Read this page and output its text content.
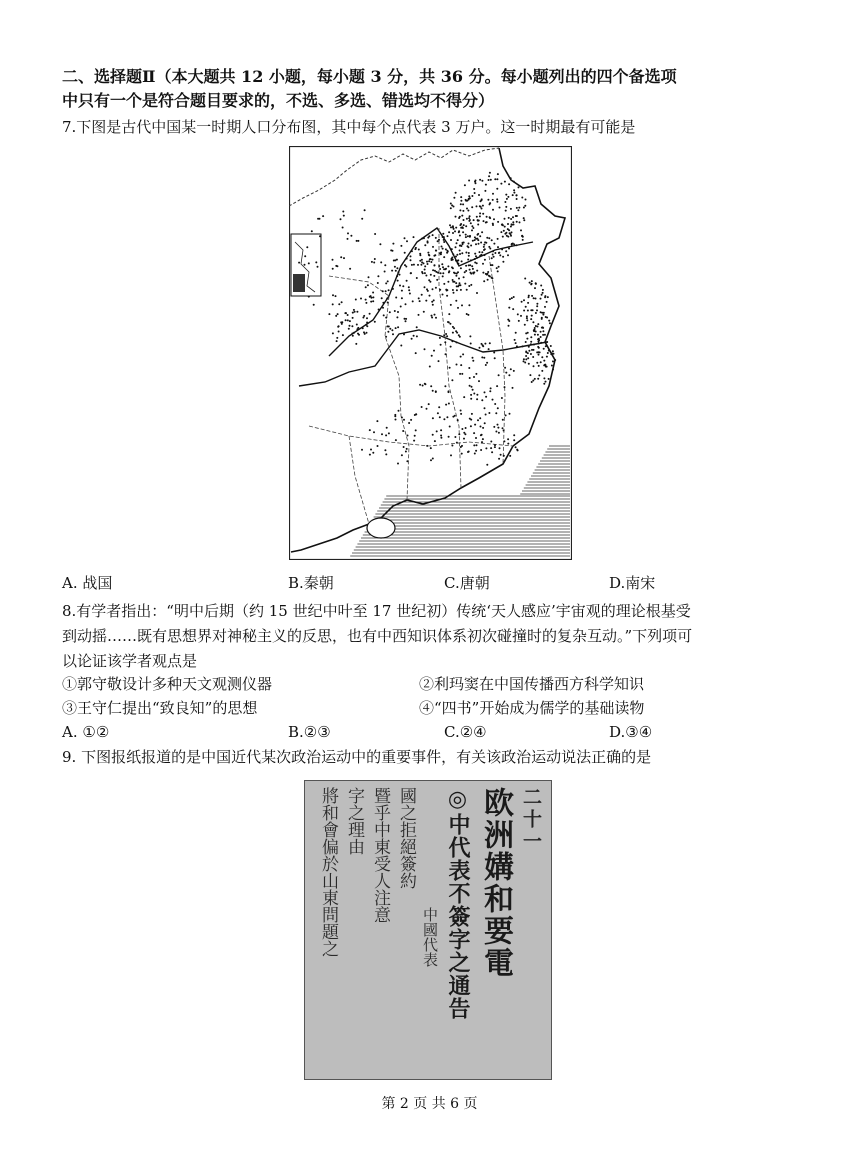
二、选择题Ⅱ（本大题共 12 小题，每小题 3 分，共 36 分。每小题列出的四个备选项
中只有一个是符合题目要求的，不选、多选、错选均不得分）
7.下图是古代中国某一时期人口分布图，其中每个点代表 3 万户。这一时期最有可能是
A. 战国	B.秦朝	C.唐朝	D.南宋
8.有学者指出：“明中后期（约 15 世纪中叶至 17 世纪初）传统‘天人感应’宇宙观的理论根基受
到动摇……既有思想界对神秘主义的反思，也有中西知识体系初次碰撞时的复杂互动。”下列项可
以论证该学者观点是
①郭守敬设计多种天文观测仪器	②利玛窦在中国传播西方科学知识
③王守仁提出“致良知”的思想	④“四书”开始成为儒学的基础读物
A. ①②	B.②③	C.②④	D.③④
9. 下图报纸报道的是中国近代某次政治运动中的重要事件，有关该政治运动说法正确的是
二十一
欧洲媾和要電
◎中代表不簽字之通告
中國代表
國之拒絕簽約
暨乎中東受人注意
字之理由
將和會偏於山東問題之
第 2 页 共 6 页
